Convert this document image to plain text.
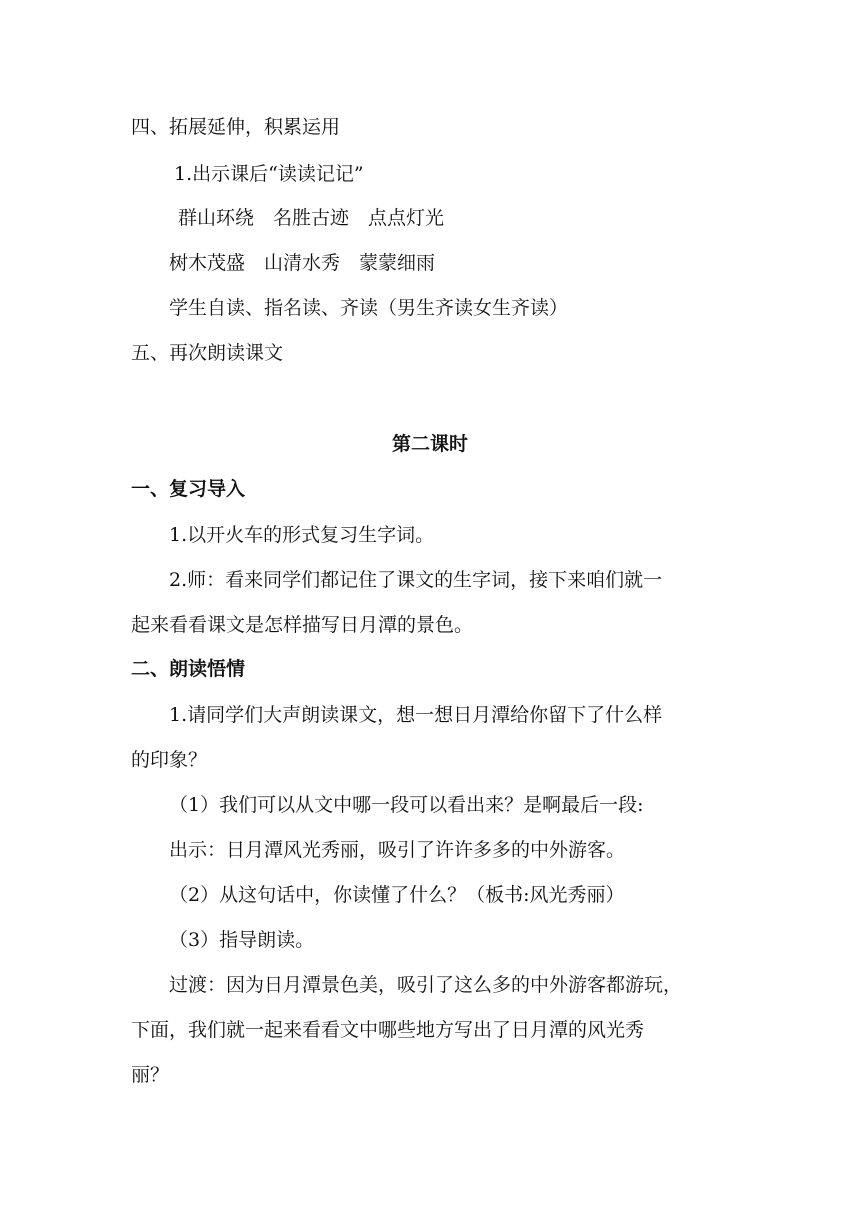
四、拓展延伸，积累运用
1.出示课后“读读记记”
群山环绕　名胜古迹　点点灯光
树木茂盛　山清水秀　蒙蒙细雨
学生自读、指名读、齐读（男生齐读女生齐读）
五、再次朗读课文
第二课时
一、复习导入
1.以开火车的形式复习生字词。
2.师：看来同学们都记住了课文的生字词，接下来咱们就一
起来看看课文是怎样描写日月潭的景色。
二、朗读悟情
1.请同学们大声朗读课文，想一想日月潭给你留下了什么样
的印象？
（1）我们可以从文中哪一段可以看出来？是啊最后一段:
出示：日月潭风光秀丽，吸引了许许多多的中外游客。
（2）从这句话中，你读懂了什么？（板书:风光秀丽）
（3）指导朗读。
过渡：因为日月潭景色美，吸引了这么多的中外游客都游玩，
下面，我们就一起来看看文中哪些地方写出了日月潭的风光秀
丽？
